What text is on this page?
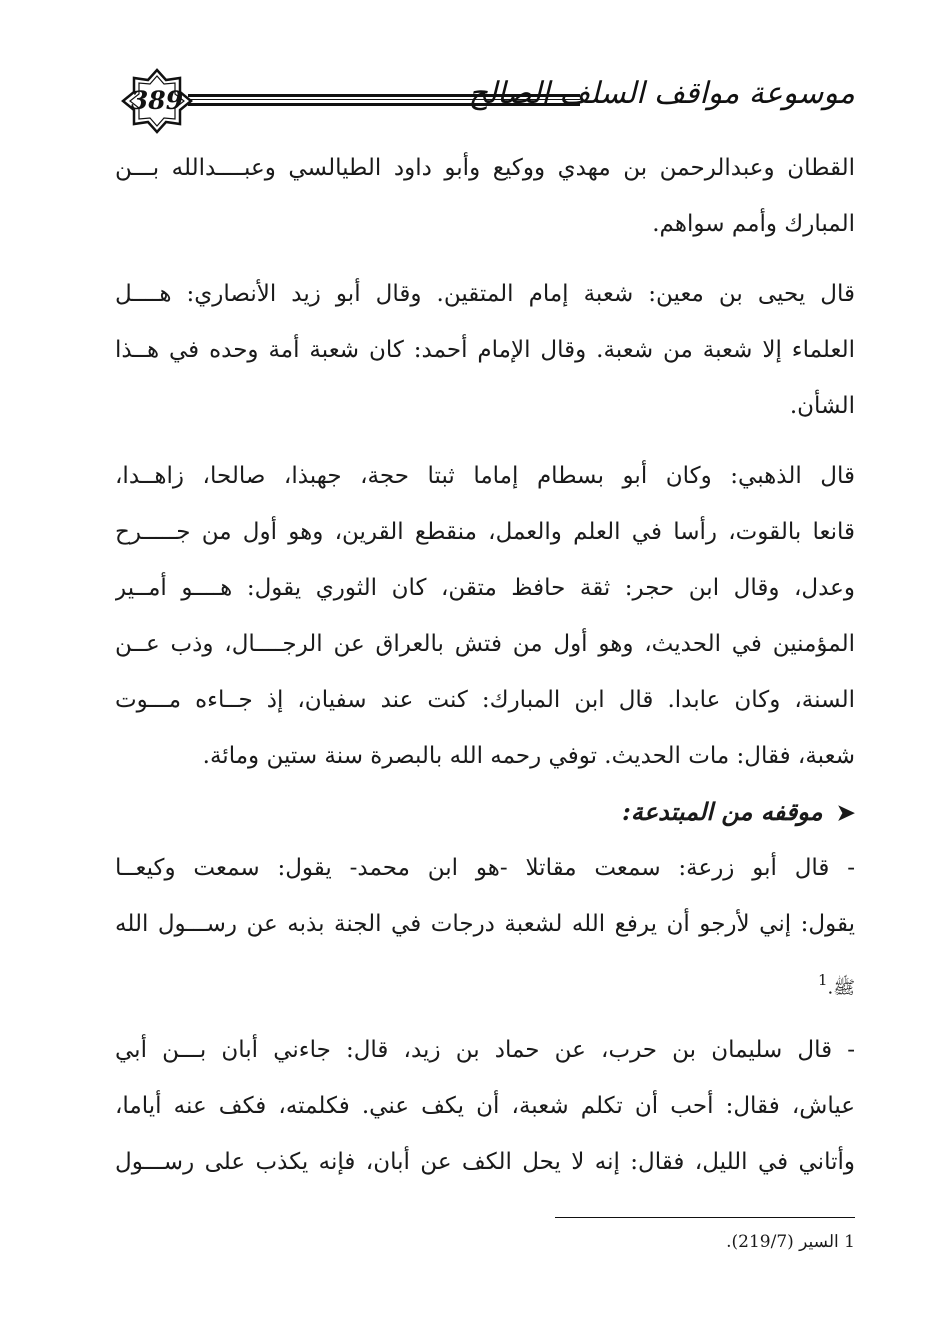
موسوعة مواقف السلف الصالح
389
القطان وعبدالرحمن بن مهدي ووكيع وأبو داود الطيالسي وعبــــدالله بـــن
المبارك وأمم سواهم.
قال يحيى بن معين: شعبة إمام المتقين. وقال أبو زيد الأنصاري: هــــل
العلماء إلا شعبة من شعبة. وقال الإمام أحمد: كان شعبة أمة وحده في هــذا
الشأن.
قال الذهبي: وكان أبو بسطام إماما ثبتا حجة، جهبذا، صالحا، زاهــدا،
قانعا بالقوت، رأسا في العلم والعمل، منقطع القرين، وهو أول من جـــــرح
وعدل، وقال ابن حجر: ثقة حافظ متقن، كان الثوري يقول: هــــو أمــير
المؤمنين في الحديث، وهو أول من فتش بالعراق عن الرجــــال، وذب عــن
السنة، وكان عابدا. قال ابن المبارك: كنت عند سفيان، إذ جــاءه مـــوت
شعبة، فقال: مات الحديث. توفي رحمه الله بالبصرة سنة ستين ومائة.
➤موقفه من المبتدعة:
- قال أبو زرعة: سمعت مقاتلا -هو ابن محمد- يقول: سمعت وكيعــا
يقول: إني لأرجو أن يرفع الله لشعبة درجات في الجنة بذبه عن رســـول الله
ﷺ.$^1$
- قال سليمان بن حرب، عن حماد بن زيد، قال: جاءني أبان بـــن أبي
عياش، فقال: أحب أن تكلم شعبة، أن يكف عني. فكلمته، فكف عنه أياما،
وأتاني في الليل، فقال: إنه لا يحل الكف عن أبان، فإنه يكذب على رســـول
1 السير (219/7).
